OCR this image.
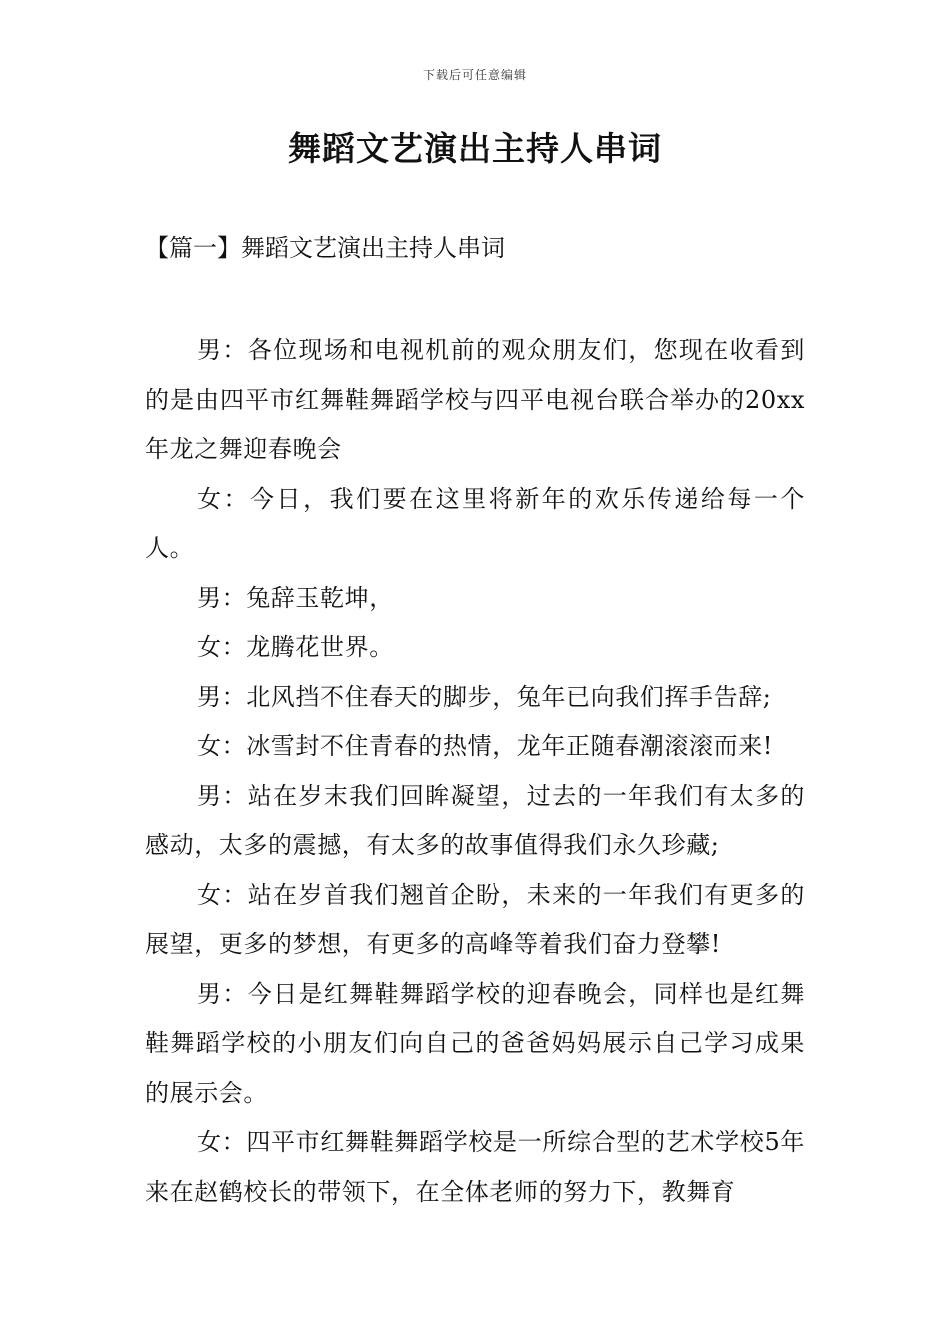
下载后可任意编辑
舞蹈文艺演出主持人串词

【篇一】舞蹈文艺演出主持人串词

男：各位现场和电视机前的观众朋友们，您现在收看到的是由四平市红舞鞋舞蹈学校与四平电视台联合举办的20xx年龙之舞迎春晚会

女：今日，我们要在这里将新年的欢乐传递给每一个人。

男：兔辞玉乾坤，

女：龙腾花世界。

男：北风挡不住春天的脚步，兔年已向我们挥手告辞;

女：冰雪封不住青春的热情，龙年正随春潮滚滚而来!

男：站在岁末我们回眸凝望，过去的一年我们有太多的感动，太多的震撼，有太多的故事值得我们永久珍藏;

女：站在岁首我们翘首企盼，未来的一年我们有更多的展望，更多的梦想，有更多的高峰等着我们奋力登攀!

男：今日是红舞鞋舞蹈学校的迎春晚会，同样也是红舞鞋舞蹈学校的小朋友们向自己的爸爸妈妈展示自己学习成果的展示会。

女：四平市红舞鞋舞蹈学校是一所综合型的艺术学校5年来在赵鹤校长的带领下，在全体老师的努力下，教舞育
